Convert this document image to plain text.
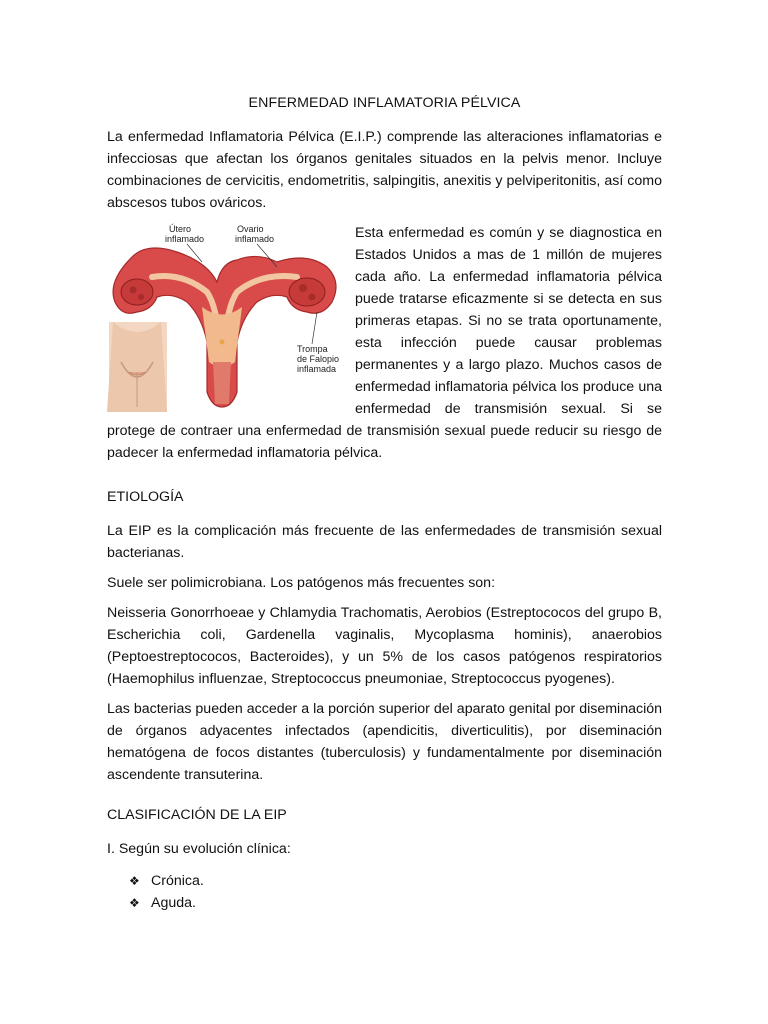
ENFERMEDAD INFLAMATORIA PÉLVICA

La enfermedad Inflamatoria Pélvica (E.I.P.) comprende las alteraciones inflamatorias e infecciosas que afectan los órganos genitales situados en la pelvis menor. Incluye combinaciones de cervicitis, endometritis, salpingitis, anexitis y pelviperitonitis, así como abscesos tubos ováricos.

Útero
inflamado
Ovario
inflamado
Trompa
de Falopio
inflamada

Esta enfermedad es común y se diagnostica en Estados Unidos a mas de 1 millón de mujeres cada año. La enfermedad inflamatoria pélvica puede tratarse eficazmente si se detecta en sus primeras etapas. Si no se trata oportunamente, esta infección puede causar problemas permanentes y a largo plazo. Muchos casos de enfermedad inflamatoria pélvica los produce una enfermedad de transmisión sexual. Si se protege de contraer una enfermedad de transmisión sexual puede reducir su riesgo de padecer la enfermedad inflamatoria pélvica.

ETIOLOGÍA

La EIP es la complicación más frecuente de las enfermedades de transmisión sexual bacterianas.

Suele ser polimicrobiana. Los patógenos más frecuentes son:

Neisseria Gonorrhoeae y Chlamydia Trachomatis, Aerobios (Estreptococos del grupo B, Escherichia coli, Gardenella vaginalis, Mycoplasma hominis), anaerobios (Peptoestreptococos, Bacteroides), y un 5% de los casos patógenos respiratorios (Haemophilus influenzae, Streptococcus pneumoniae, Streptococcus pyogenes).

Las bacterias pueden acceder a la porción superior del aparato genital por diseminación de órganos adyacentes infectados (apendicitis, diverticulitis), por diseminación hematógena de focos distantes (tuberculosis) y fundamentalmente por diseminación ascendente transuterina.

CLASIFICACIÓN DE LA EIP

I. Según su evolución clínica:

❖ Crónica.
❖ Aguda.
